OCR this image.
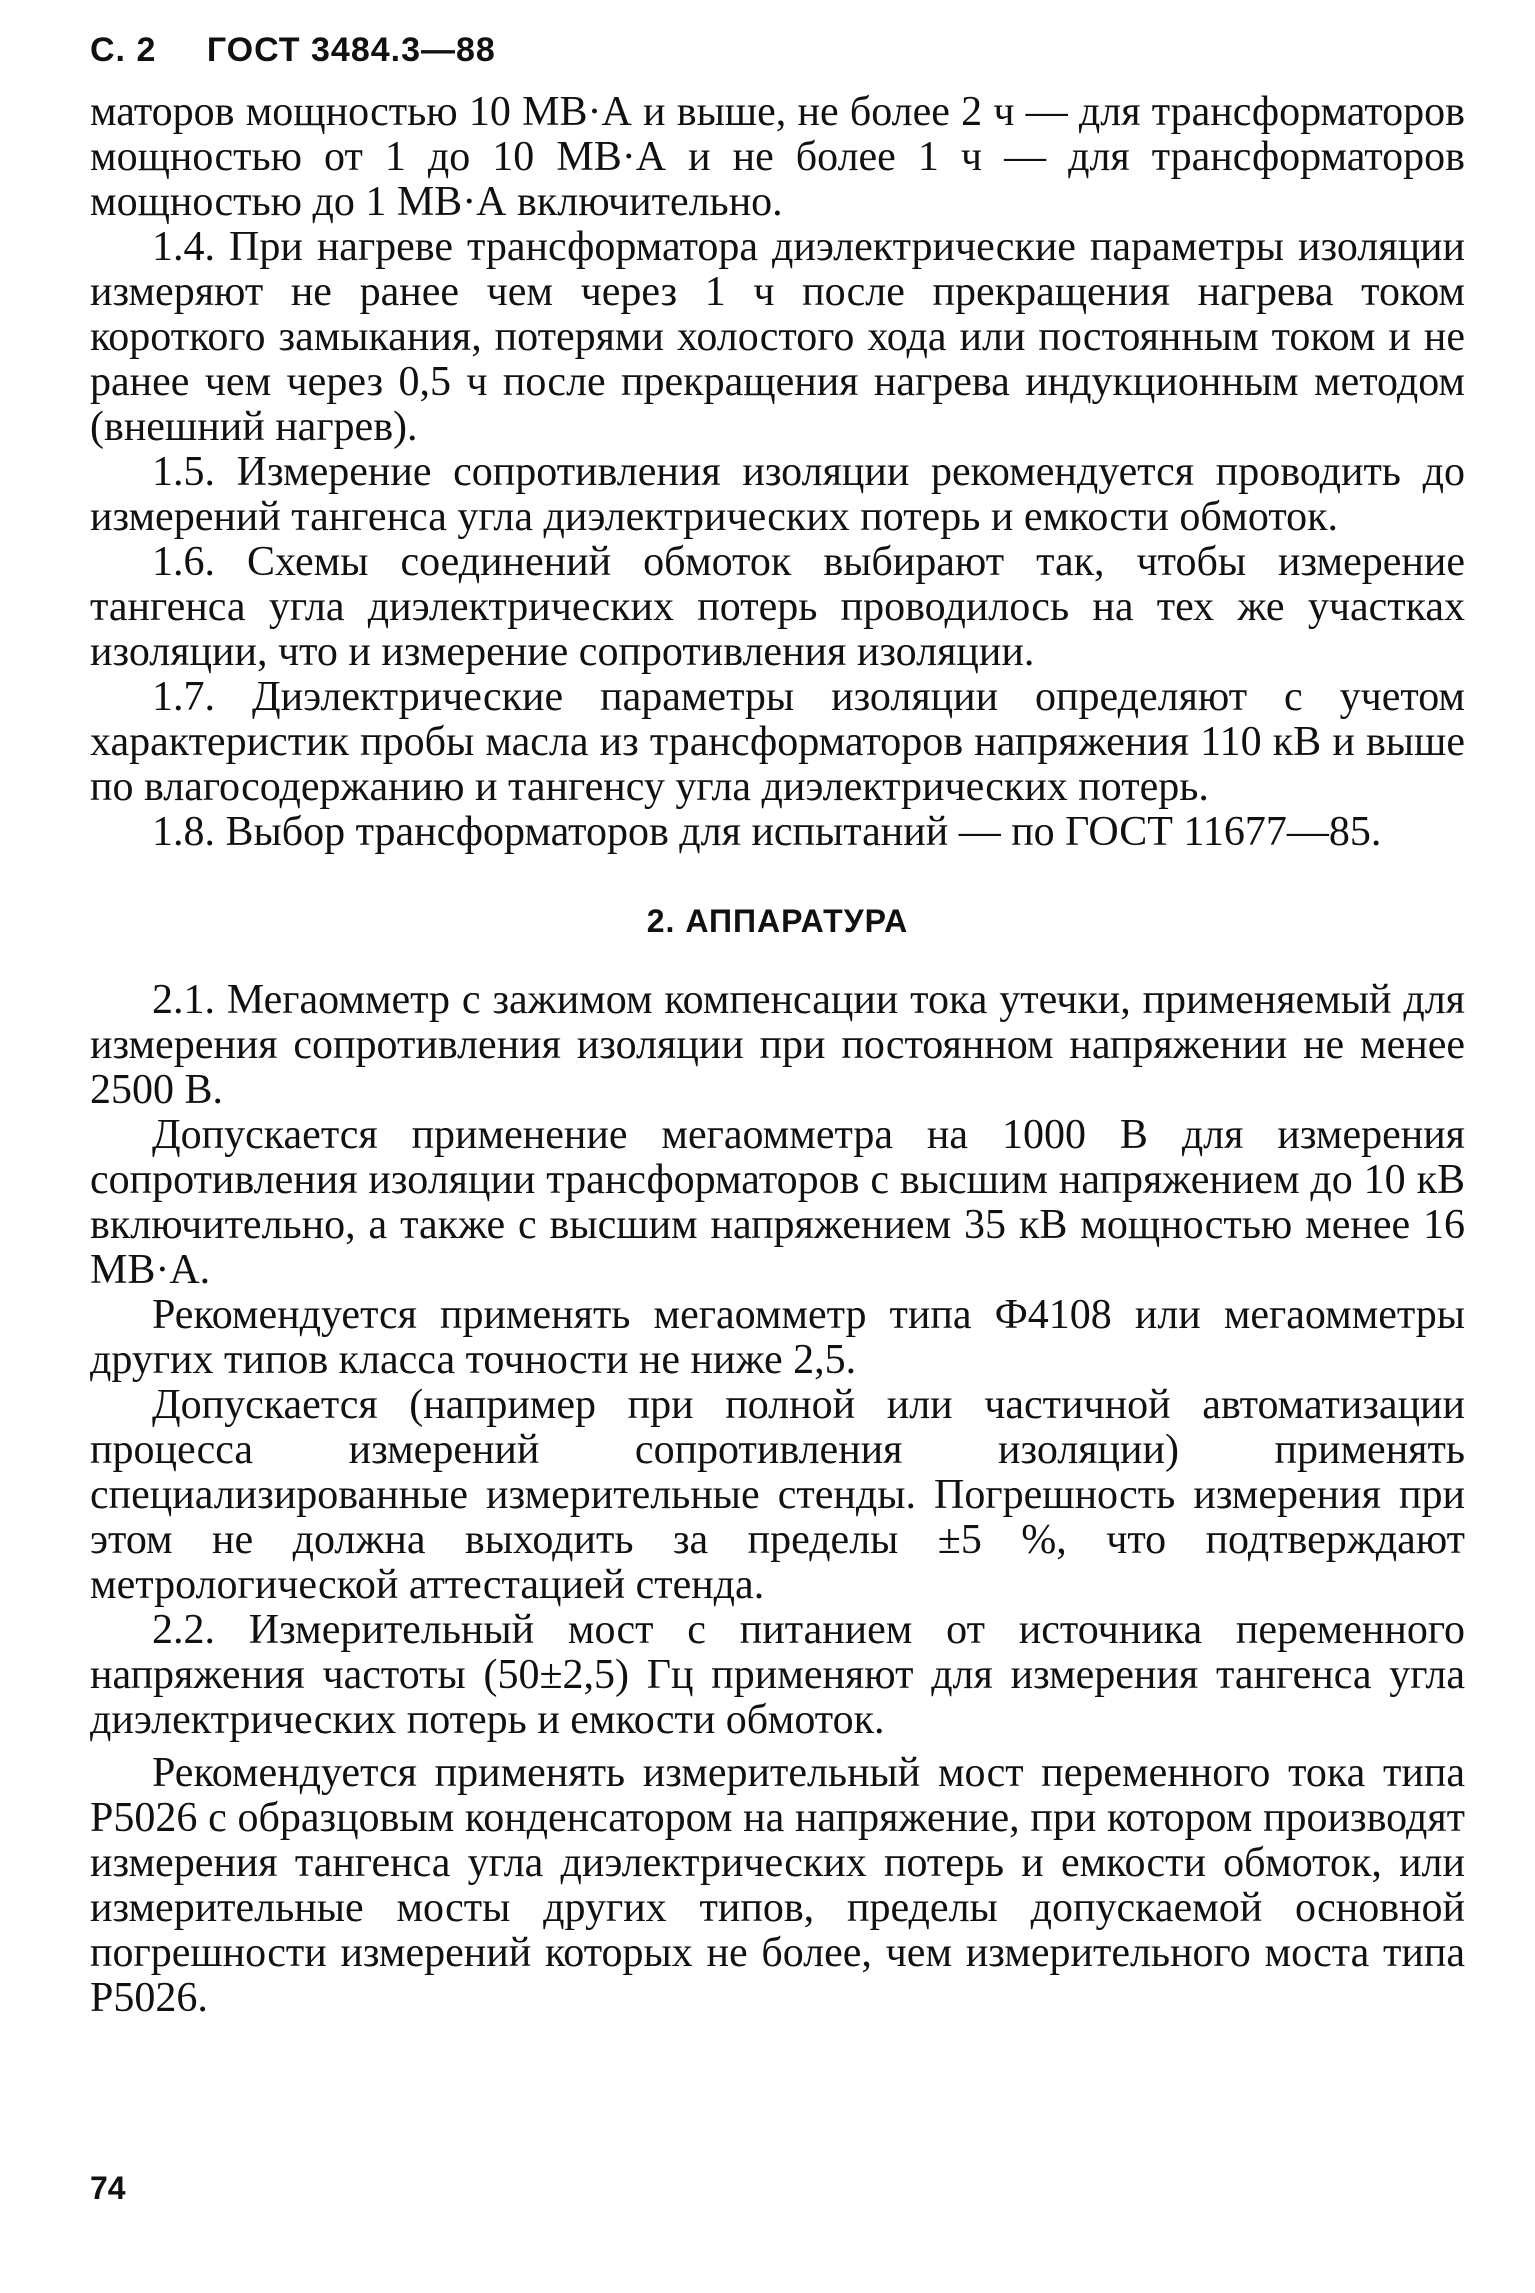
С. 2 ГОСТ 3484.3—88

маторов мощностью 10 МВ·А и выше, не более 2 ч — для трансформаторов мощностью от 1 до 10 МВ·А и не более 1 ч — для трансформаторов мощностью до 1 МВ·А включительно.

1.4. При нагреве трансформатора диэлектрические параметры изоляции измеряют не ранее чем через 1 ч после прекращения нагрева током короткого замыкания, потерями холостого хода или постоянным током и не ранее чем через 0,5 ч после прекращения нагрева индукционным методом (внешний нагрев).

1.5. Измерение сопротивления изоляции рекомендуется проводить до измерений тангенса угла диэлектрических потерь и емкости обмоток.

1.6. Схемы соединений обмоток выбирают так, чтобы измерение тангенса угла диэлектрических потерь проводилось на тех же участках изоляции, что и измерение сопротивления изоляции.

1.7. Диэлектрические параметры изоляции определяют с учетом характеристик пробы масла из трансформаторов напряжения 110 кВ и выше по влагосодержанию и тангенсу угла диэлектрических потерь.

1.8. Выбор трансформаторов для испытаний — по ГОСТ 11677—85.

2. АППАРАТУРА

2.1. Мегаомметр с зажимом компенсации тока утечки, применяемый для измерения сопротивления изоляции при постоянном напряжении не менее 2500 В.

Допускается применение мегаомметра на 1000 В для измерения сопротивления изоляции трансформаторов с высшим напряжением до 10 кВ включительно, а также с высшим напряжением 35 кВ мощностью менее 16 МВ·А.

Рекомендуется применять мегаомметр типа Ф4108 или мегаомметры других типов класса точности не ниже 2,5.

Допускается (например при полной или частичной автоматизации процесса измерений сопротивления изоляции) применять специализированные измерительные стенды. Погрешность измерения при этом не должна выходить за пределы ±5 %, что подтверждают метрологической аттестацией стенда.

2.2. Измерительный мост с питанием от источника переменного напряжения частоты (50±2,5) Гц применяют для измерения тангенса угла диэлектрических потерь и емкости обмоток.

Рекомендуется применять измерительный мост переменного тока типа Р5026 с образцовым конденсатором на напряжение, при котором производят измерения тангенса угла диэлектрических потерь и емкости обмоток, или измерительные мосты других типов, пределы допускаемой основной погрешности измерений которых не более, чем измерительного моста типа Р5026.

74
